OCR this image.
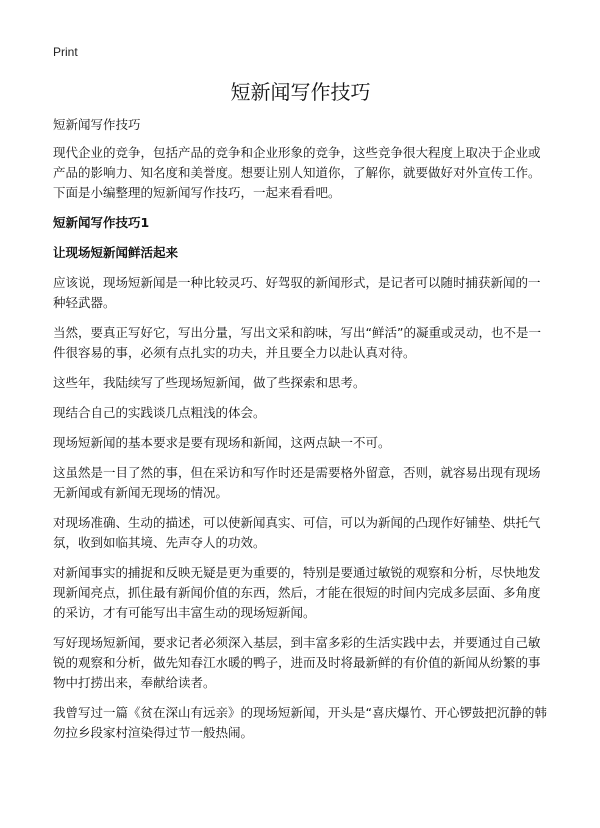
Print
短新闻写作技巧
短新闻写作技巧

现代企业的竞争，包括产品的竞争和企业形象的竞争，这些竞争很大程度上取决于企业或产品的影响力、知名度和美誉度。想要让别人知道你，了解你，就要做好对外宣传工作。下面是小编整理的短新闻写作技巧，一起来看看吧。

短新闻写作技巧1
让现场短新闻鲜活起来

应该说，现场短新闻是一种比较灵巧、好驾驭的新闻形式，是记者可以随时捕获新闻的一种轻武器。

当然，要真正写好它，写出分量，写出文采和韵味，写出“鲜活”的凝重或灵动，也不是一件很容易的事，必须有点扎实的功夫，并且要全力以赴认真对待。

这些年，我陆续写了些现场短新闻，做了些探索和思考。

现结合自己的实践谈几点粗浅的体会。

现场短新闻的基本要求是要有现场和新闻，这两点缺一不可。

这虽然是一目了然的事，但在采访和写作时还是需要格外留意，否则，就容易出现有现场无新闻或有新闻无现场的情况。

对现场准确、生动的描述，可以使新闻真实、可信，可以为新闻的凸现作好铺垫、烘托气氛，收到如临其境、先声夺人的功效。

对新闻事实的捕捉和反映无疑是更为重要的，特别是要通过敏锐的观察和分析，尽快地发现新闻亮点，抓住最有新闻价值的东西，然后，才能在很短的时间内完成多层面、多角度的采访，才有可能写出丰富生动的现场短新闻。

写好现场短新闻，要求记者必须深入基层，到丰富多彩的生活实践中去，并要通过自己敏锐的观察和分析，做先知春江水暖的鸭子，进而及时将最新鲜的有价值的新闻从纷繁的事物中打捞出来，奉献给读者。

我曾写过一篇《贫在深山有远亲》的现场短新闻，开头是“喜庆爆竹、开心锣鼓把沉静的韩勿拉乡段家村渲染得过节一般热闹。
